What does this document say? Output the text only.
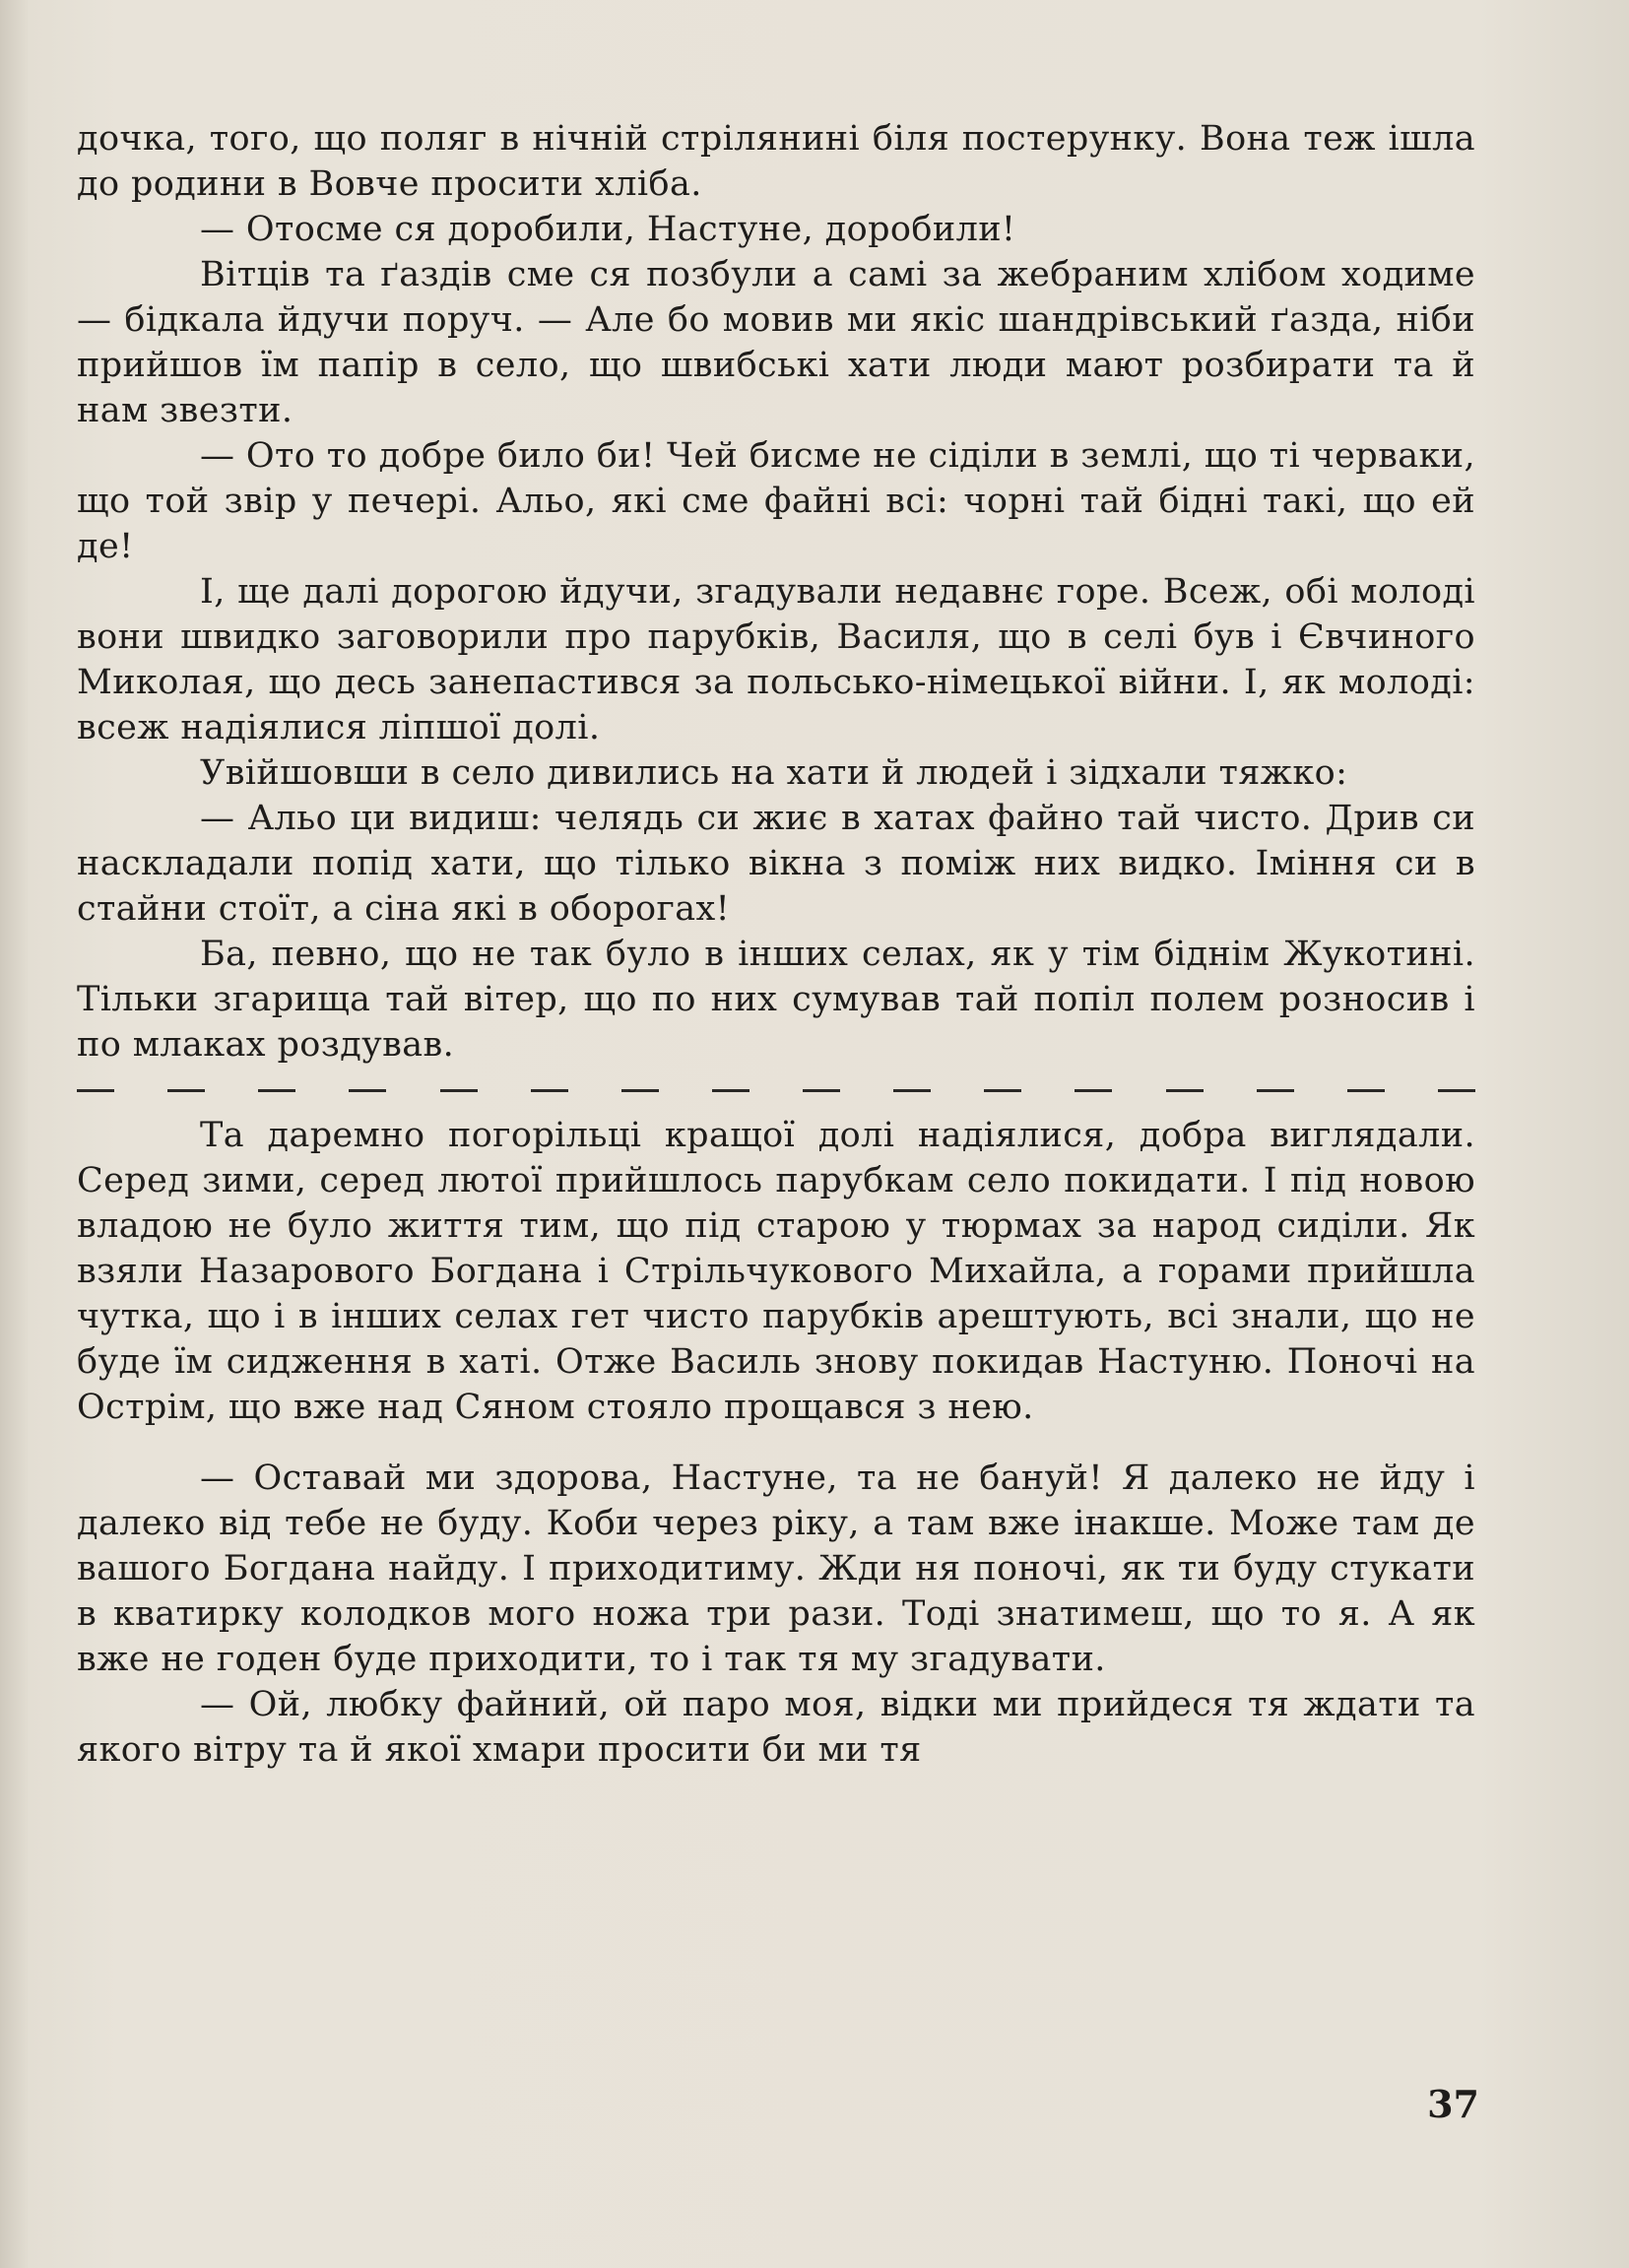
дочка, того, що поляг в нічній стрілянині біля постерунку. Вона теж ішла до родини в Вовче просити хліба.

— Отосме ся доробили, Настуне, доробили!

Вітців та ґаздів сме ся позбули а самі за жебраним хлібом ходиме — бідкала йдучи поруч. — Але бо мовив ми якіс шандрівський ґазда, ніби прийшов їм папір в село, що швибські хати люди мают розбирати та й нам звезти.

— Ото то добре било би! Чей бисме не сіділи в землі, що ті черваки, що той звір у печері. Альо, які сме файні всі: чорні тай бідні такі, що ей де!

І, ще далі дорогою йдучи, згадували недавнє горе. Всеж, обі молоді вони швидко заговорили про парубків, Василя, що в селі був і Євчиного Миколая, що десь занепастився за польсько-німецької війни. І, як молоді: всеж надіялися ліпшої долі.

Увійшовши в село дивились на хати й людей і зідхали тяжко:

— Альо ци видиш: челядь си жиє в хатах файно тай чисто. Дрив си наскладали попід хати, що тілько вікна з поміж них видко. Іміння си в стайни стоїт, а сіна які в оборогах!

Ба, певно, що не так було в інших селах, як у тім біднім Жукотині. Тільки згарища тай вітер, що по них сумував тай попіл полем розносив і по млаках роздував.

Та даремно погорільці кращої долі надіялися, добра виглядали. Серед зими, серед лютої прийшлось парубкам село покидати. І під новою владою не було життя тим, що під старою у тюрмах за народ сиділи. Як взяли Назарового Богдана і Стрільчукового Михайла, а горами прийшла чутка, що і в інших селах гет чисто парубків арештують, всі знали, що не буде їм сидження в хаті. Отже Василь знову покидав Настуню. Поночі на Острім, що вже над Сяном стояло прощався з нею.

— Оставай ми здорова, Настуне, та не бануй! Я далеко не йду і далеко від тебе не буду. Коби через ріку, а там вже інакше. Може там де вашого Богдана найду. І приходитиму. Жди ня поночі, як ти буду стукати в кватирку колодков мого ножа три рази. Тоді знатимеш, що то я. А як вже не годен буде приходити, то і так тя му згадувати.

— Ой, любку файний, ой паро моя, відки ми прийдеся тя ждати та якого вітру та й якої хмари просити би ми тя

37
